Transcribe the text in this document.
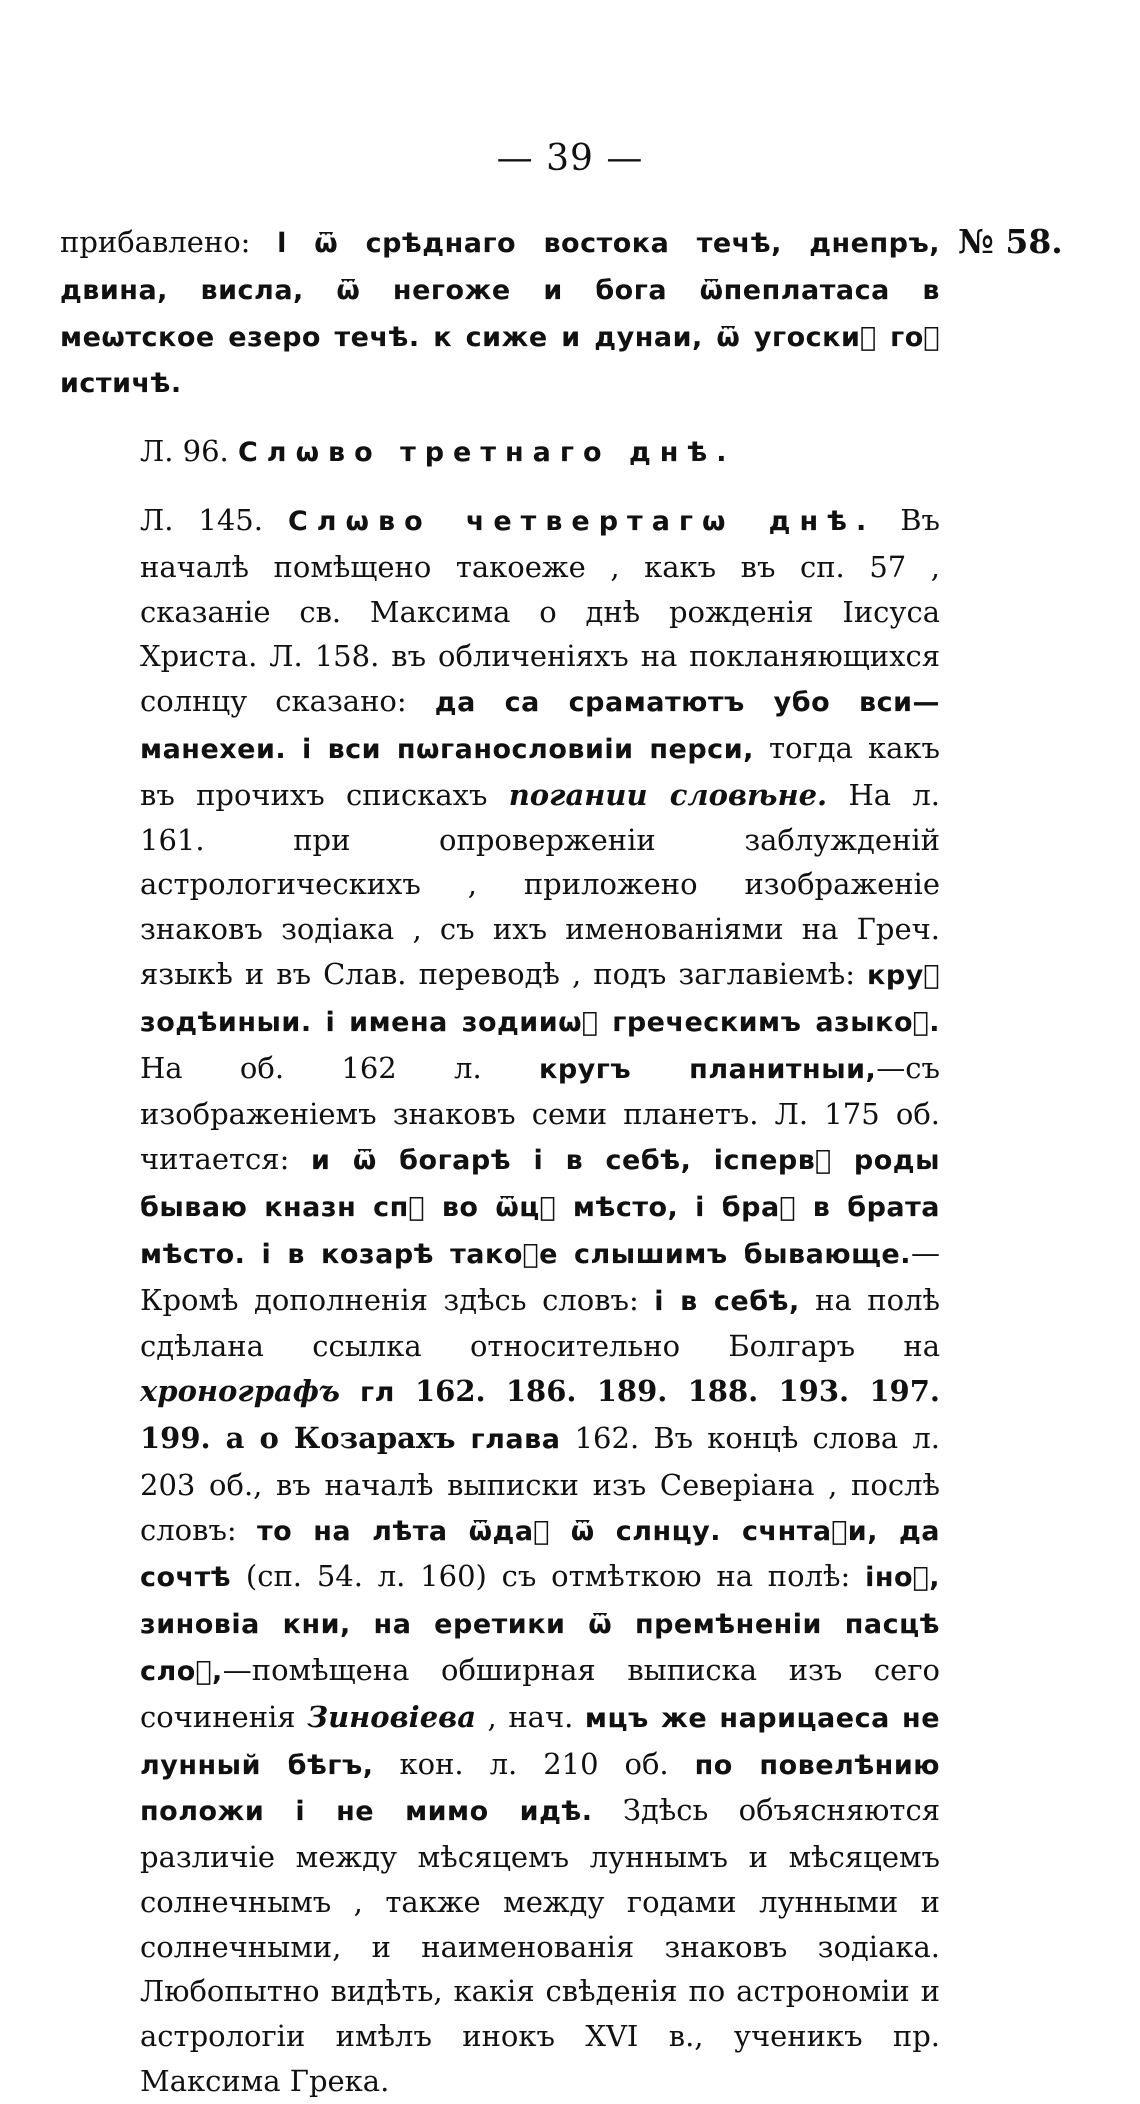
— 39 —
№ 58.

прибавлено: ӏ ѿ срѣднаго востока течѣ, днепръ, двина, висла, ѿ негоже и бога ѿпеплатаса в меѡтское езеро течѣ. к сиже и дунаи, ѿ угоскиⷯ гоⷬ истичѣ.

Л. 96. Слѡво третнаго днѣ.

Л. 145. Слѡво четвертагѡ днѣ. Въ началѣ помѣщено такоеже , какъ въ сп. 57 , сказаніе св. Максима о днѣ рожденія Іисуса Христа. Л. 158. въ обличеніяхъ на покланяющихся солнцу сказано: да са сраматютъ убо вси—манехеи. і вси пѡганословиіи перси, тогда какъ въ прочихъ спискахъ погании словѣне. На л. 161. при опроверженіи заблужденій астрологическихъ , приложено изображеніе знаковъ зодіака , съ ихъ именованіями на Греч. языкѣ и въ Слав. переводѣ , подъ заглавіемѣ: круⷢ зодѣиныи. і имена зодииѡⷡ греческимъ азыкоⷨ. На об. 162 л. кругъ планитныи,—съ изображеніемъ знаковъ семи планетъ. Л. 175 об. читается: и ѿ богарѣ і в себѣ, іспервⷶ роды бываю кназн спⷪ во ѿцⷶ мѣсто, і браⷮ в брата мѣсто. і в козарѣ такоⷣе слышимъ бывающе.— Кромѣ дополненія здѣсь словъ: і в себѣ, на полѣ сдѣлана ссылка относительно Болгаръ на хронографъ гл 162. 186. 189. 188. 193. 197. 199. а о Козарахъ глава 162. Въ концѣ слова л. 203 об., въ началѣ выписки изъ Северіана , послѣ словъ: то на лѣта ѿдаⷮ ѿ слнцу. счнтаⷨи, да сочтѣ (сп. 54. л. 160) съ отмѣткою на полѣ: іноⷬ, зиновіа кни, на еретики ѿ премѣненіи пасцѣ слоⷡ,—помѣщена обширная выписка изъ сего сочиненія Зиновіева , нач. мцъ же нарицаеса не лунный бѣгъ, кон. л. 210 об. по повелѣнию положи і не мимо идѣ. Здѣсь объясняются различіе между мѣсяцемъ луннымъ и мѣсяцемъ солнечнымъ , также между годами лунными и солнечными, и наименованія знаковъ зодіака. Любопытно видѣть, какія свѣденія по астрономіи и астрологіи имѣлъ инокъ XVI в., ученикъ пр. Максима Грека.
